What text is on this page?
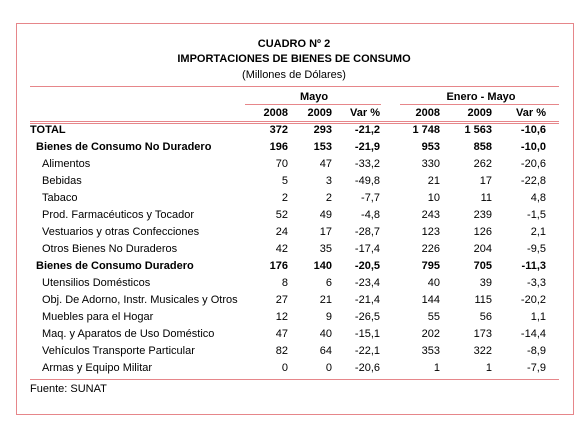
CUADRO Nº 2
IMPORTACIONES DE BIENES DE CONSUMO
(Millones de Dólares)
Mayo	Enero - Mayo
2008	2009	Var %	2008	2009	Var %
TOTAL	372	293	-21,2	1 748	1 563	-10,6
Bienes de Consumo No Duradero	196	153	-21,9	953	858	-10,0
Alimentos	70	47	-33,2	330	262	-20,6
Bebidas	5	3	-49,8	21	17	-22,8
Tabaco	2	2	-7,7	10	11	4,8
Prod. Farmacéuticos y Tocador	52	49	-4,8	243	239	-1,5
Vestuarios y otras Confecciones	24	17	-28,7	123	126	2,1
Otros Bienes No Duraderos	42	35	-17,4	226	204	-9,5
Bienes de Consumo Duradero	176	140	-20,5	795	705	-11,3
Utensilios Domésticos	8	6	-23,4	40	39	-3,3
Obj. De Adorno, Instr. Musicales y Otros	27	21	-21,4	144	115	-20,2
Muebles para el Hogar	12	9	-26,5	55	56	1,1
Maq. y Aparatos de Uso Doméstico	47	40	-15,1	202	173	-14,4
Vehículos Transporte Particular	82	64	-22,1	353	322	-8,9
Armas y Equipo Militar	0	0	-20,6	1	1	-7,9
Fuente: SUNAT
